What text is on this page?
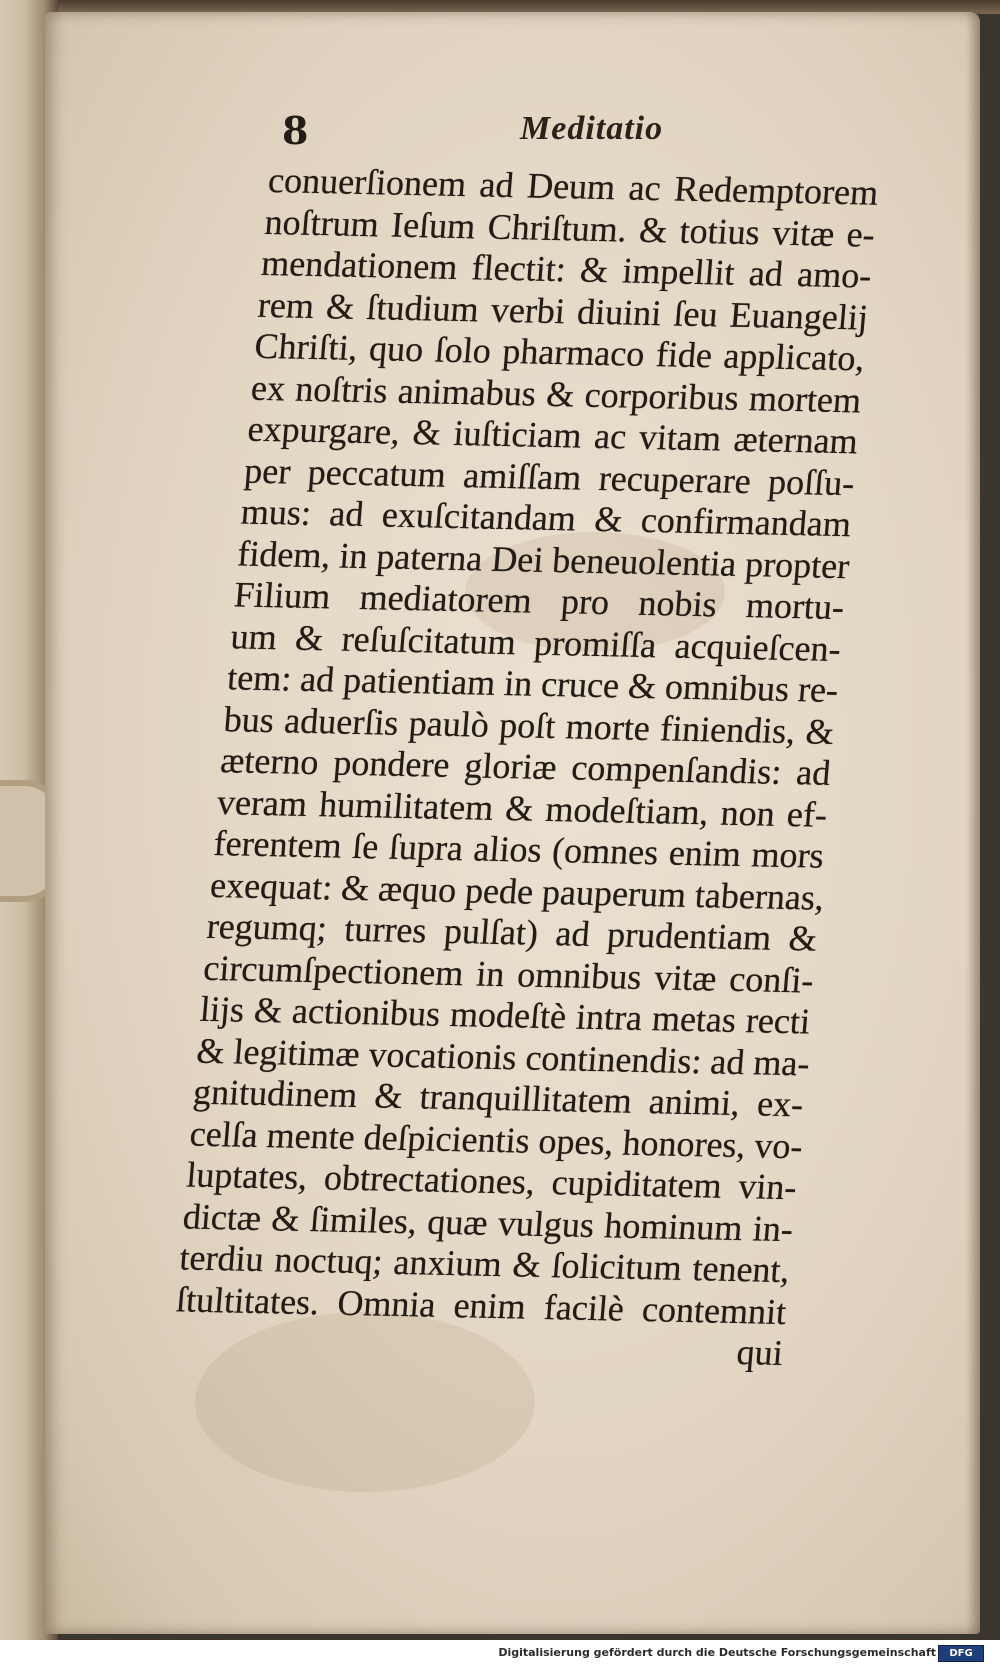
8	Meditatio
conuerſionem ad Deum ac Redemptorem
noſtrum Ieſum Chriſtum. & totius vitæ e-
mendationem flectit: & impellit ad amo-
rem & ſtudium verbi diuini ſeu Euangelij
Chriſti, quo ſolo pharmaco fide applicato,
ex noſtris animabus & corporibus mortem
expurgare, & iuſticiam ac vitam æternam
per peccatum amiſſam recuperare poſſu-
mus: ad exuſcitandam & confirmandam
fidem, in paterna Dei beneuolentia propter
Filium mediatorem pro nobis mortu-
um & reſuſcitatum promiſſa acquieſcen-
tem: ad patientiam in cruce & omnibus re-
bus aduerſis paulò poſt morte finiendis, &
æterno pondere gloriæ compenſandis: ad
veram humilitatem & modeſtiam, non ef-
ferentem ſe ſupra alios (omnes enim mors
exequat: & æquo pede pauperum tabernas,
regumq; turres pulſat) ad prudentiam &
circumſpectionem in omnibus vitæ conſi-
lijs & actionibus modeſtè intra metas recti
& legitimæ vocationis continendis: ad ma-
gnitudinem & tranquillitatem animi, ex-
celſa mente deſpicientis opes, honores, vo-
luptates, obtrectationes, cupiditatem vin-
dictæ & ſimiles, quæ vulgus hominum in-
terdiu noctuq; anxium & ſolicitum tenent,
ſtultitates. Omnia enim facilè contemnit
qui
Digitalisierung gefördert durch die Deutsche Forschungsgemeinschaft	DFG
